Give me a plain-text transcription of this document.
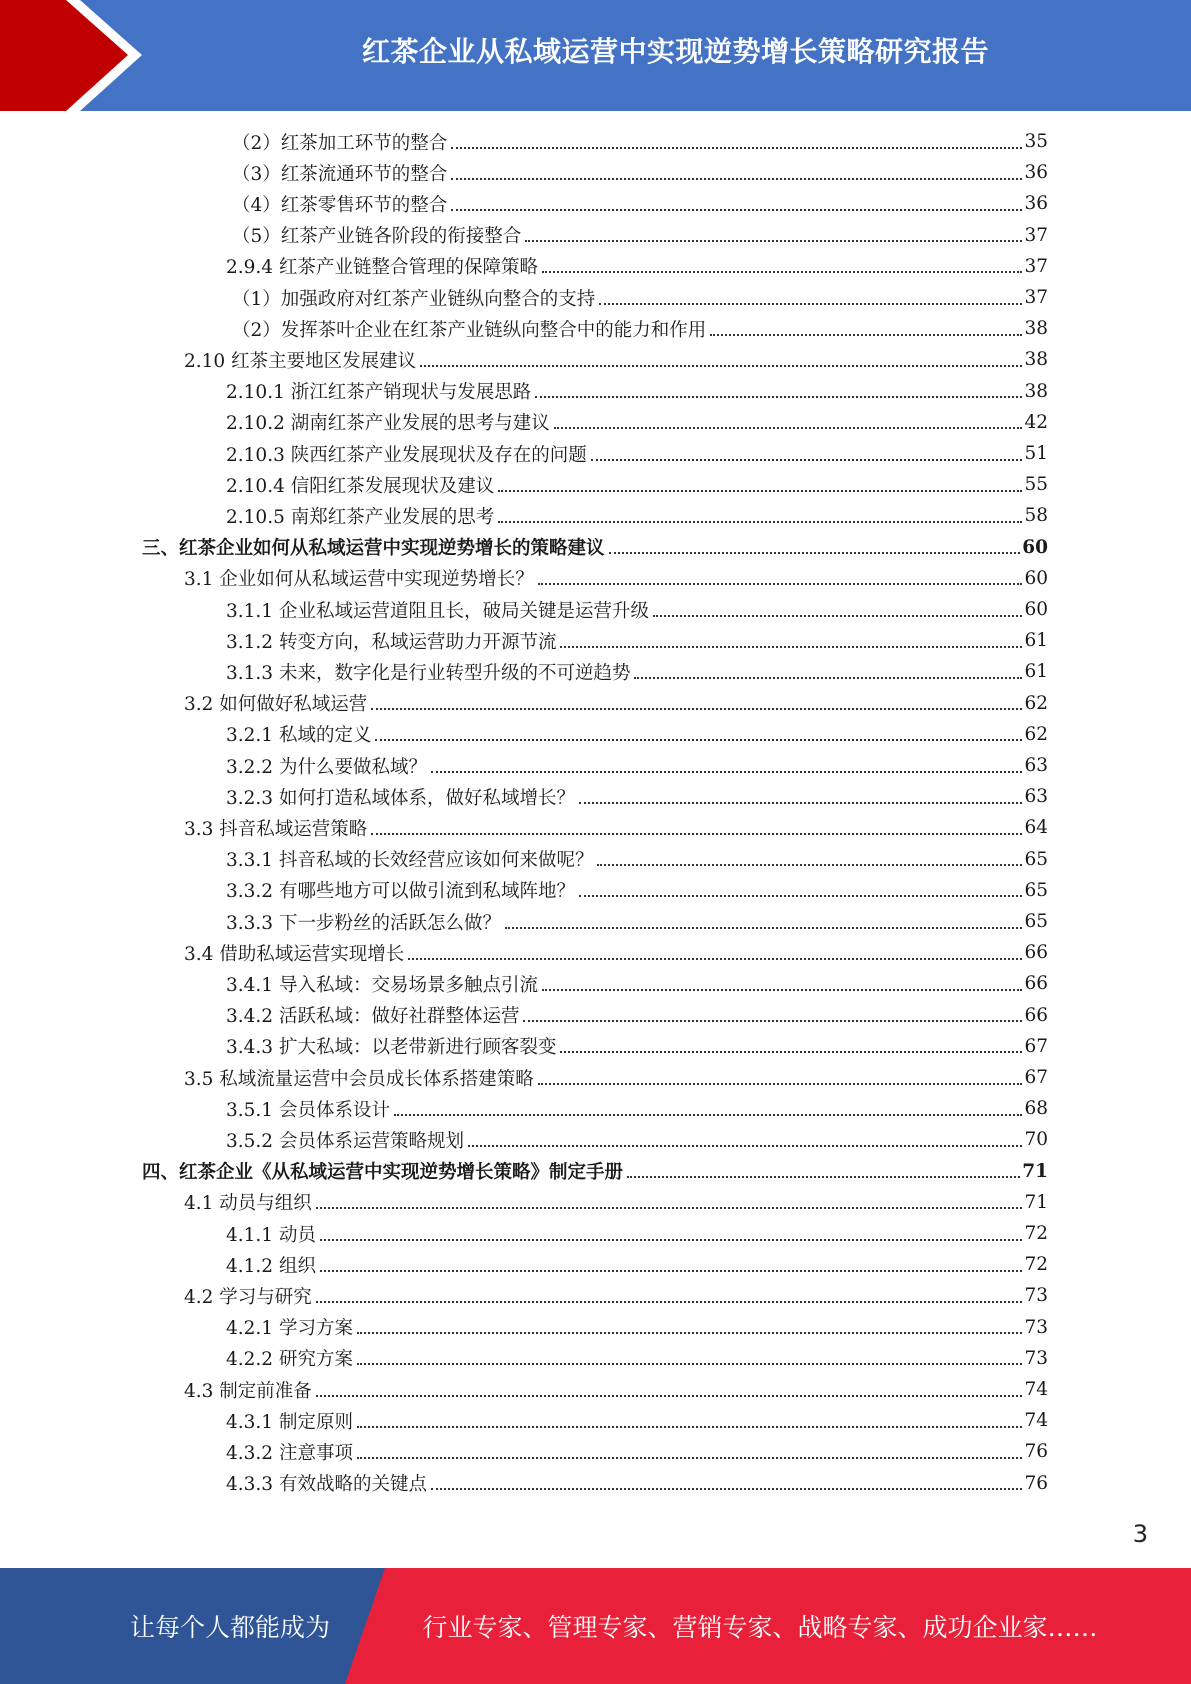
红茶企业从私域运营中实现逆势增长策略研究报告
（2）红茶加工环节的整合	35
（3）红茶流通环节的整合	36
（4）红茶零售环节的整合	36
（5）红茶产业链各阶段的衔接整合	37
2.9.4 红茶产业链整合管理的保障策略	37
（1）加强政府对红茶产业链纵向整合的支持	37
（2）发挥茶叶企业在红茶产业链纵向整合中的能力和作用	38
2.10 红茶主要地区发展建议	38
2.10.1 浙江红茶产销现状与发展思路	38
2.10.2 湖南红茶产业发展的思考与建议	42
2.10.3 陕西红茶产业发展现状及存在的问题	51
2.10.4 信阳红茶发展现状及建议	55
2.10.5 南郑红茶产业发展的思考	58
三、红茶企业如何从私域运营中实现逆势增长的策略建议	60
3.1 企业如何从私域运营中实现逆势增长？	60
3.1.1 企业私域运营道阻且长，破局关键是运营升级	60
3.1.2 转变方向，私域运营助力开源节流	61
3.1.3 未来，数字化是行业转型升级的不可逆趋势	61
3.2 如何做好私域运营	62
3.2.1 私域的定义	62
3.2.2 为什么要做私域？	63
3.2.3 如何打造私域体系，做好私域增长？	63
3.3 抖音私域运营策略	64
3.3.1 抖音私域的长效经营应该如何来做呢？	65
3.3.2 有哪些地方可以做引流到私域阵地？	65
3.3.3 下一步粉丝的活跃怎么做？	65
3.4 借助私域运营实现增长	66
3.4.1 导入私域：交易场景多触点引流	66
3.4.2 活跃私域：做好社群整体运营	66
3.4.3 扩大私域：以老带新进行顾客裂变	67
3.5 私域流量运营中会员成长体系搭建策略	67
3.5.1 会员体系设计	68
3.5.2 会员体系运营策略规划	70
四、红茶企业《从私域运营中实现逆势增长策略》制定手册	71
4.1 动员与组织	71
4.1.1 动员	72
4.1.2 组织	72
4.2 学习与研究	73
4.2.1 学习方案	73
4.2.2 研究方案	73
4.3 制定前准备	74
4.3.1 制定原则	74
4.3.2 注意事项	76
4.3.3 有效战略的关键点	76
3
让每个人都能成为	行业专家、管理专家、营销专家、战略专家、成功企业家……
